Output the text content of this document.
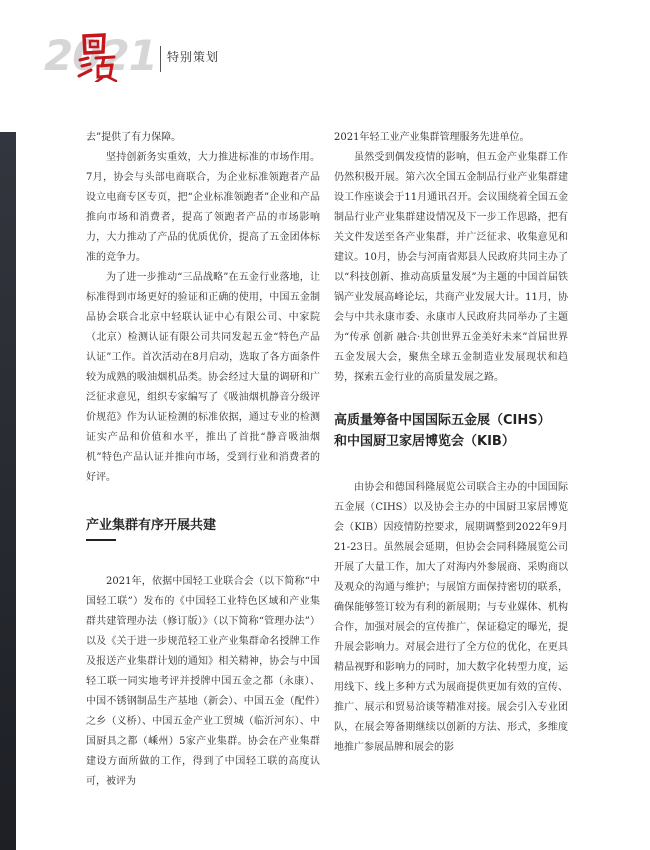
2021 特别策划

去”提供了有力保障。

坚持创新务实重效，大力推进标准的市场作用。7月，协会与头部电商联合，为企业标准领跑者产品设立电商专区专页，把“企业标准领跑者”企业和产品推向市场和消费者，提高了领跑者产品的市场影响力，大力推动了产品的优质优价，提高了五金团体标准的竞争力。

为了进一步推动“三品战略”在五金行业落地，让标准得到市场更好的验证和正确的使用，中国五金制品协会联合北京中轻联认证中心有限公司、中家院（北京）检测认证有限公司共同发起五金“特色产品认证”工作。首次活动在8月启动，选取了各方面条件较为成熟的吸油烟机品类。协会经过大量的调研和广泛征求意见，组织专家编写了《吸油烟机静音分级评价规范》作为认证检测的标准依据，通过专业的检测证实产品和价值和水平，推出了首批“静音吸油烟机”特色产品认证并推向市场，受到行业和消费者的好评。

产业集群有序开展共建

2021年，依据中国轻工业联合会（以下简称“中国轻工联”）发布的《中国轻工业特色区域和产业集群共建管理办法（修订版）》（以下简称“管理办法”）以及《关于进一步规范轻工业产业集群命名授牌工作及报送产业集群计划的通知》相关精神，协会与中国轻工联一同实地考评并授牌中国五金之都（永康）、中国不锈钢制品生产基地（新会）、中国五金（配件）之乡（义桥）、中国五金产业工贸城（临沂河东）、中国厨具之都（嵊州）5家产业集群。协会在产业集群建设方面所做的工作，得到了中国轻工联的高度认可，被评为

2021年轻工业产业集群管理服务先进单位。

虽然受到偶发疫情的影响，但五金产业集群工作仍然积极开展。第六次全国五金制品行业产业集群建设工作座谈会于11月通讯召开。会议围绕着全国五金制品行业产业集群建设情况及下一步工作思路，把有关文件发送至各产业集群，并广泛征求、收集意见和建议。10月，协会与河南省郏县人民政府共同主办了以“科技创新、推动高质量发展”为主题的中国首届铁锅产业发展高峰论坛，共商产业发展大计。11月，协会与中共永康市委、永康市人民政府共同举办了主题为“传承 创新 融合·共创世界五金美好未来”首届世界五金发展大会，聚焦全球五金制造业发展现状和趋势，探索五金行业的高质量发展之路。

高质量筹备中国国际五金展（CIHS）
和中国厨卫家居博览会（KIB）

由协会和德国科隆展览公司联合主办的中国国际五金展（CIHS）以及协会主办的中国厨卫家居博览会（KIB）因疫情防控要求，展期调整到2022年9月21-23日。虽然展会延期，但协会会同科隆展览公司开展了大量工作，加大了对海内外参展商、采购商以及观众的沟通与维护；与展馆方面保持密切的联系，确保能够签订较为有利的新展期；与专业媒体、机构合作，加强对展会的宣传推广，保证稳定的曝光，提升展会影响力。对展会进行了全方位的优化，在更具精品视野和影响力的同时，加大数字化转型力度，运用线下、线上多种方式为展商提供更加有效的宣传、推广、展示和贸易洽谈等精准对接。展会引入专业团队，在展会筹备期继续以创新的方法、形式，多维度地推广参展品牌和展会的影
